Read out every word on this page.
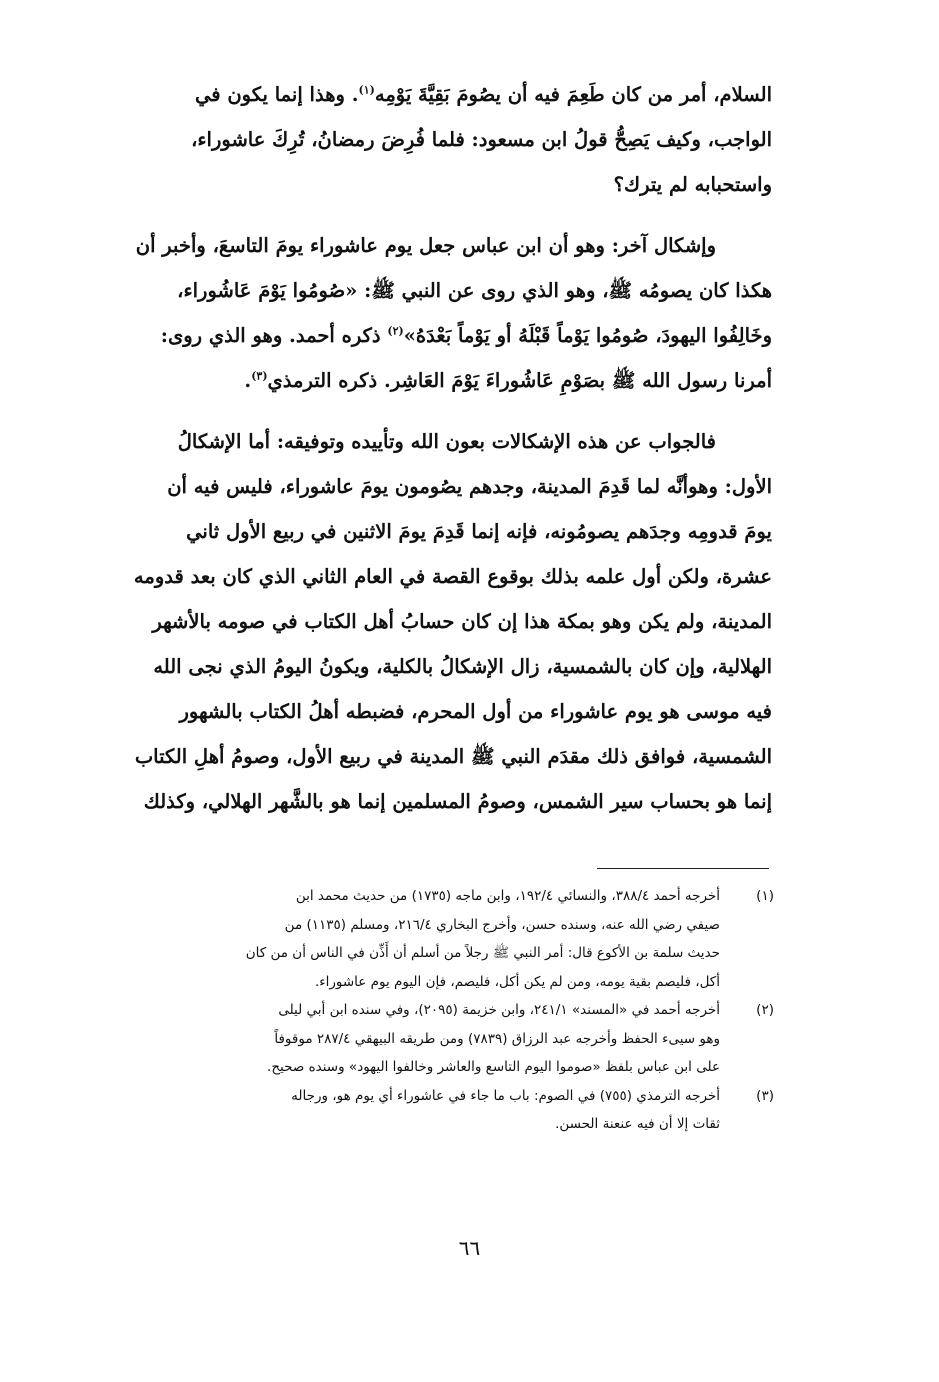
السلام، أمر من كان طَعِمَ فيه أن يصُومَ بَقِيَّةَ يَوْمِه$^{(١)}$. وهذا إنما يكون في
الواجب، وكيف يَصِحُّ قولُ ابن مسعود: فلما فُرِضَ رمضانُ، تُرِكَ عاشوراء،
واستحبابه لم يترك؟

وإشكال آخر: وهو أن ابن عباس جعل يوم عاشوراء يومَ التاسعَ، وأخبر أن
هكذا كان يصومُه ﷺ، وهو الذي روى عن النبي ﷺ: «صُومُوا يَوْمَ عَاشُوراء،
وخَالِفُوا اليهودَ، صُومُوا يَوْماً قَبْلَهُ أو يَوْماً بَعْدَهُ»$^{(٢)}$ ذكره أحمد. وهو الذي روى:
أمرنا رسول الله ﷺ بصَوْمِ عَاشُوراءَ يَوْمَ العَاشِر. ذكره الترمذي$^{(٣)}$.

فالجواب عن هذه الإشكالات بعون الله وتأييده وتوفيقه: أما الإشكالُ
الأول: وهوأنَّه لما قَدِمَ المدينة، وجدهم يصُومون يومَ عاشوراء، فليس فيه أن
يومَ قدومِه وجدَهم يصومُونه، فإنه إنما قَدِمَ يومَ الاثنين في ربيع الأول ثاني
عشرة، ولكن أول علمه بذلك بوقوع القصة في العام الثاني الذي كان بعد قدومه
المدينة، ولم يكن وهو بمكة هذا إن كان حسابُ أهل الكتاب في صومه بالأشهر
الهلالية، وإن كان بالشمسية، زال الإشكالُ بالكلية، ويكونُ اليومُ الذي نجى الله
فيه موسى هو يوم عاشوراء من أول المحرم، فضبطه أهلُ الكتاب بالشهور
الشمسية، فوافق ذلك مقدَم النبي ﷺ المدينة في ربيع الأول، وصومُ أهلِ الكتاب
إنما هو بحساب سير الشمس، وصومُ المسلمين إنما هو بالشَّهر الهلالي، وكذلك

(١)
أخرجه أحمد ٣٨٨/٤، والنسائي ١٩٢/٤، وابن ماجه (١٧٣٥) من حديث محمد ابن
صيفي رضي الله عنه، وسنده حسن، وأخرج البخاري ٢١٦/٤، ومسلم (١١٣٥) من
حديث سلمة بن الأكوع قال: أمر النبي ﷺ رجلاً من أسلم أن أَذِّن في الناس أن من كان
أكل، فليصم بقية يومه، ومن لم يكن أكل، فليصم، فإن اليوم يوم عاشوراء.
(٢)
أخرجه أحمد في «المسند» ٢٤١/١، وابن خزيمة (٢٠٩٥)، وفي سنده ابن أبي ليلى
وهو سيىء الحفظ وأخرجه عبد الرزاق (٧٨٣٩) ومن طريقه البيهقي ٢٨٧/٤ موقوفاً
على ابن عباس بلفظ «صوموا اليوم التاسع والعاشر وخالفوا اليهود» وسنده صحيح.
(٣)
أخرجه الترمذي (٧٥٥) في الصوم: باب ما جاء في عاشوراء أي يوم هو، ورجاله
ثقات إلا أن فيه عنعنة الحسن.
٦٦
